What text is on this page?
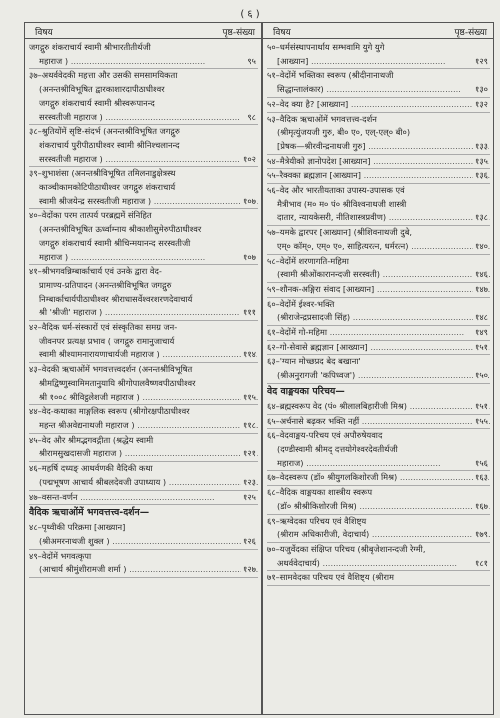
( ६ )
विषय	पृष्ठ-संख्या
जगद्गुरु शंकराचार्य स्वामी श्रीभारतीतीर्थजी
महाराज ) .....	९५
३७–अथर्ववेदकी महत्ता और उसकी समसामयिकता
(अनन्तश्रीविभूषित द्वारकाशारदापीठाधीश्वर
जगद्गुरु शंकराचार्य स्वामी श्रीस्वरूपानन्द
सरस्वतीजी महाराज ) .....	९८
३८–श्रुतियोंमें सृष्टि-संदर्भ (अनन्तश्रीविभूषित जगद्गुरु
शंकराचार्य पुरीपीठाधीश्वर स्वामी श्रीनिश्चलानन्द
सरस्वतीजी महाराज ) .....	१०२
३९–शुभाशंसा (अनन्तश्रीविभूषित तमिलनाडुक्षेत्रस्थ
काञ्चीकामकोटिपीठाधीश्वर जगद्गुरु शंकराचार्य
स्वामी श्रीजयेन्द्र सरस्वतीजी महाराज ) .....	१०७
४०–वेदोंका परम तात्पर्य परब्रह्ममें संनिहित
(अनन्तश्रीविभूषित ऊर्ध्वाम्नाय श्रीकाशीसुमेरुपीठाधीश्वर
जगद्गुरु शंकराचार्य स्वामी श्रीचिन्मयानन्द सरस्वतीजी
महाराज ) .....	१०७
४१–श्रीभगवन्निम्बार्काचार्य एवं उनके द्वारा वेद-
प्रामाण्य-प्रतिपादन (अनन्तश्रीविभूषित जगद्गुरु
निम्बार्काचार्यपीठाधीश्वर श्रीराधासर्वेश्वरशरणदेवाचार्य
श्री 'श्रीजी' महाराज ) .....	१११
४२–वैदिक धर्म-संस्कारों एवं संस्कृतिका समग्र जन-
जीवनपर प्रत्यक्ष प्रभाव ( जगद्गुरु रामानुजाचार्य
स्वामी श्रीश्यामनारायणाचार्यजी महाराज ) .....	११४
४३–वेदकी ऋचाओंमें भगवत्तत्त्वदर्शन (अनन्तश्रीविभूषित
श्रीमद्विष्णुस्वामिमतानुयायि श्रीगोपालवैष्णवपीठाधीश्वर
श्री १००८ श्रीविट्ठलेशजी महाराज ) .....	११५
४४–वेद-कथाका माङ्गलिक स्वरूप (श्रीगोरक्षपीठाधीश्वर
महन्त श्रीअवेद्यनाथजी महाराज ) .....	११८
४५–वेद और श्रीमद्भगवद्गीता (श्रद्धेय स्वामी
श्रीरामसुखदासजी महाराज ) .....	१२१
४६–महर्षि दध्यङ् आथर्वणकी वैदिकी कथा
(पद्मभूषण आचार्य श्रीबलदेवजी उपाध्याय ) .....	१२३
४७–वसन्त-वर्णन .....	१२५
वैदिक ऋचाओंमें भगवत्तत्त्व-दर्शन—
४८–पृथ्वीकी परिक्रमा [आख्यान]
(श्रीअमरनाथजी शुक्ल ) .....	१२६
४९–वेदोंमें भगवत्कृपा
(आचार्य श्रीमुंशीरामजी शर्मा ) .....	१२७
विषय	पृष्ठ-संख्या
५०–धर्मसंस्थापनार्थाय सम्भवामि युगे युगे
[आख्यान] .....	१२९
५१–वेदोंमें भक्तिका स्वरूप (श्रीदीनानाथजी
सिद्धान्तालंकार) .....	१३०
५२–वेद क्या है? [आख्यान] .....	१३२
५३–वैदिक ऋचाओंमें भगवत्तत्त्व-दर्शन
(श्रीमृत्युंजयजी गुरु, बी० ए०, एल्-एल्० बी०)
[प्रेषक—श्रीरवीन्द्रनाथजी गुरु] .....	१३३
५४–मैत्रेयीको ज्ञानोपदेश [आख्यान] .....	१३५
५५–रैक्वका ब्रह्मज्ञान [आख्यान] .....	१३६
५६–वेद और भारतीयताका उपास्य-उपासक एवं
मैत्रीभाव (म० म० पं० श्रीविश्वनाथजी शास्त्री
दातार, न्यायकेसरी, नीतिशास्त्रप्रवीण) .....	१३८
५७–यमके द्वारपर [आख्यान] (श्रीशिवनाथजी दुबे,
एम्० कॉम्०, एम्० ए०, साहित्यरत्न, धर्मरत्न) .....	१४०
५८–वेदोंमें शरणागति-महिमा
(स्वामी श्रीओंकारानन्दजी सरस्वती) .....	१४६
५९–शौनक-अङ्गिरा संवाद [आख्यान] .....	१४७
६०–वेदोंमें ईश्वर-भक्ति
(श्रीराजेन्द्रप्रसादजी सिंह) .....	१४८
६१–वेदोंमें गो-महिमा .....	१४९
६२–गो-सेवासे ब्रह्मज्ञान [आख्यान] .....	१५१
६३–'ग्यान मोच्छप्रद बेद बखाना'
(श्रीअनुरागजी 'कपिध्वज') .....	१५०
वेद वाङ्मयका परिचय—
६४–ब्रह्मस्वरूप वेद (पं० श्रीलालबिहारीजी मिश्र) .....	१५१
६५–अर्चनासे बढ़कर भक्ति नहीं .....	१५५
६६–वेदवाङ्मय-परिचय एवं अपौरुषेयवाद
(दण्डीस्वामी श्रीमद् दत्तयोगेश्वरदेवतीर्थजी
महाराज) .....	१५६
६७–वेदस्वरूप (डॉ० श्रीयुगलकिशोरजी मिश्र) .....	१६३
६८–वैदिक वाङ्मयका शास्त्रीय स्वरूप
(डॉ० श्रीश्रीकिशोरजी मिश्र) .....	१६७
६९–ऋग्वेदका परिचय एवं वैशिष्ट्य
(श्रीराम अधिकारीजी, वेदाचार्य) .....	१७९
७०–यजुर्वेदका संक्षिप्त परिचय (श्रीबृजेशानन्दजी रेग्मी,
अथर्ववेदाचार्य) .....	१८१
७१–सामवेदका परिचय एवं वैशिष्ट्य (श्रीराम
